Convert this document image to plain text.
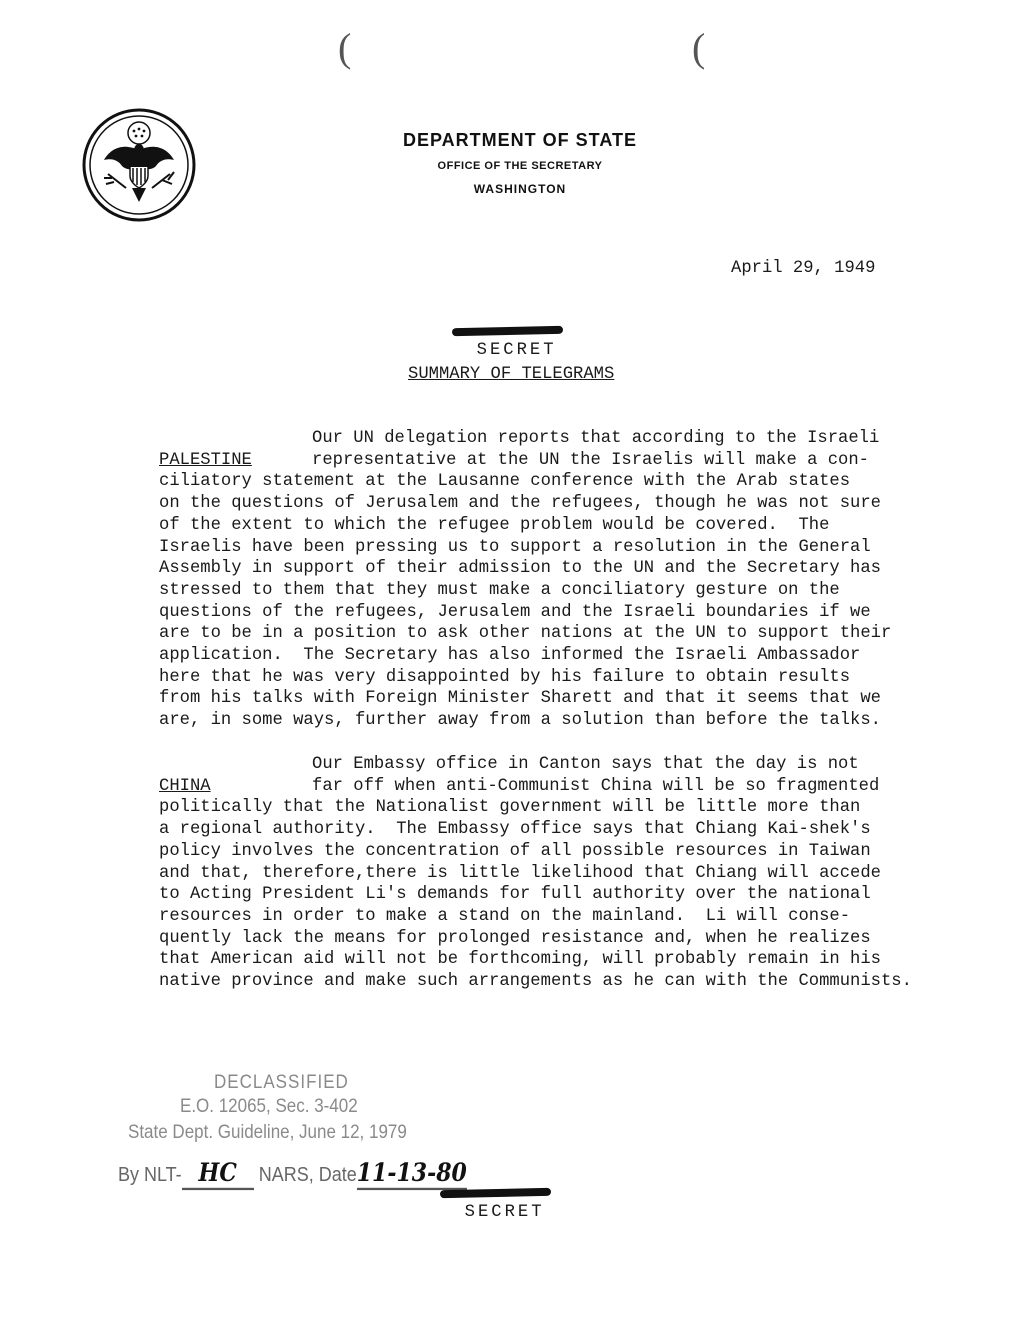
(	(
DEPARTMENT OF STATE
OFFICE OF THE SECRETARY
WASHINGTON
April 29, 1949

SECRET

SUMMARY OF TELEGRAMS

PALESTINE
Our UN delegation reports that according to the Israeli

representative at the UN the Israelis will make a con-

ciliatory statement at the Lausanne conference with the Arab states

on the questions of Jerusalem and the refugees, though he was not sure

of the extent to which the refugee problem would be covered.  The

Israelis have been pressing us to support a resolution in the General

Assembly in support of their admission to the UN and the Secretary has

stressed to them that they must make a conciliatory gesture on the

questions of the refugees, Jerusalem and the Israeli boundaries if we

are to be in a position to ask other nations at the UN to support their

application.  The Secretary has also informed the Israeli Ambassador

here that he was very disappointed by his failure to obtain results

from his talks with Foreign Minister Sharett and that it seems that we

are, in some ways, further away from a solution than before the talks.

CHINA
Our Embassy office in Canton says that the day is not

far off when anti-Communist China will be so fragmented

politically that the Nationalist government will be little more than

a regional authority.  The Embassy office says that Chiang Kai-shek's

policy involves the concentration of all possible resources in Taiwan

and that, therefore,there is little likelihood that Chiang will accede

to Acting President Li's demands for full authority over the national

resources in order to make a stand on the mainland.  Li will conse-

quently lack the means for prolonged resistance and, when he realizes

that American aid will not be forthcoming, will probably remain in his

native province and make such arrangements as he can with the Communists.

DECLASSIFIED
E.O. 12065, Sec. 3-402
State Dept. Guideline, June 12, 1979
By NLT- HC NARS, Date11-13-80

SECRET
